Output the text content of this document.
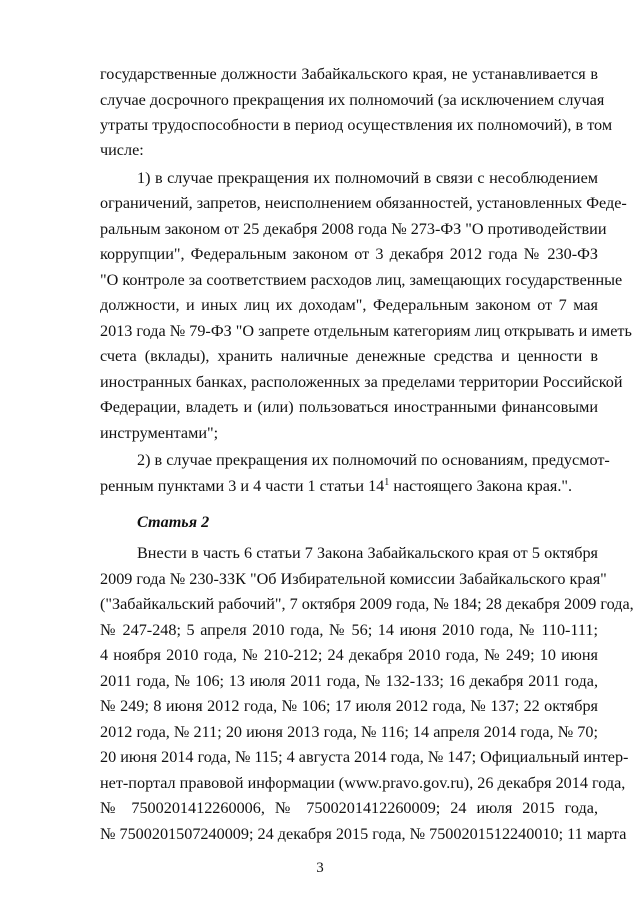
государственные должности Забайкальского края, не устанавливается в
случае досрочного прекращения их полномочий (за исключением случая
утраты трудоспособности в период осуществления их полномочий), в том
числе:
1) в случае прекращения их полномочий в связи с несоблюдением
ограничений, запретов, неисполнением обязанностей, установленных Феде-
ральным законом от 25 декабря 2008 года № 273-ФЗ "О противодействии
коррупции", Федеральным законом от 3 декабря 2012 года № 230-ФЗ
"О контроле за соответствием расходов лиц, замещающих государственные
должности, и иных лиц их доходам", Федеральным законом от 7 мая
2013 года № 79-ФЗ "О запрете отдельным категориям лиц открывать и иметь
счета (вклады), хранить наличные денежные средства и ценности в
иностранных банках, расположенных за пределами территории Российской
Федерации, владеть и (или) пользоваться иностранными финансовыми
инструментами";
2) в случае прекращения их полномочий по основаниям, предусмот-
ренным пунктами 3 и 4 части 1 статьи $14^1$ настоящего Закона края.".
Статья 2
Внести в часть 6 статьи 7 Закона Забайкальского края от 5 октября
2009 года № 230-ЗЗК "Об Избирательной комиссии Забайкальского края"
("Забайкальский рабочий", 7 октября 2009 года, № 184; 28 декабря 2009 года,
№ 247-248; 5 апреля 2010 года, № 56; 14 июня 2010 года, № 110-111;
4 ноября 2010 года, № 210-212; 24 декабря 2010 года, № 249; 10 июня
2011 года, № 106; 13 июля 2011 года, № 132-133; 16 декабря 2011 года,
№ 249; 8 июня 2012 года, № 106; 17 июля 2012 года, № 137; 22 октября
2012 года, № 211; 20 июня 2013 года, № 116; 14 апреля 2014 года, № 70;
20 июня 2014 года, № 115; 4 августа 2014 года, № 147; Официальный интер-
нет-портал правовой информации (www.pravo.gov.ru), 26 декабря 2014 года,
№ 7500201412260006, № 7500201412260009; 24 июля 2015 года,
№ 7500201507240009; 24 декабря 2015 года, № 7500201512240010; 11 марта
3
